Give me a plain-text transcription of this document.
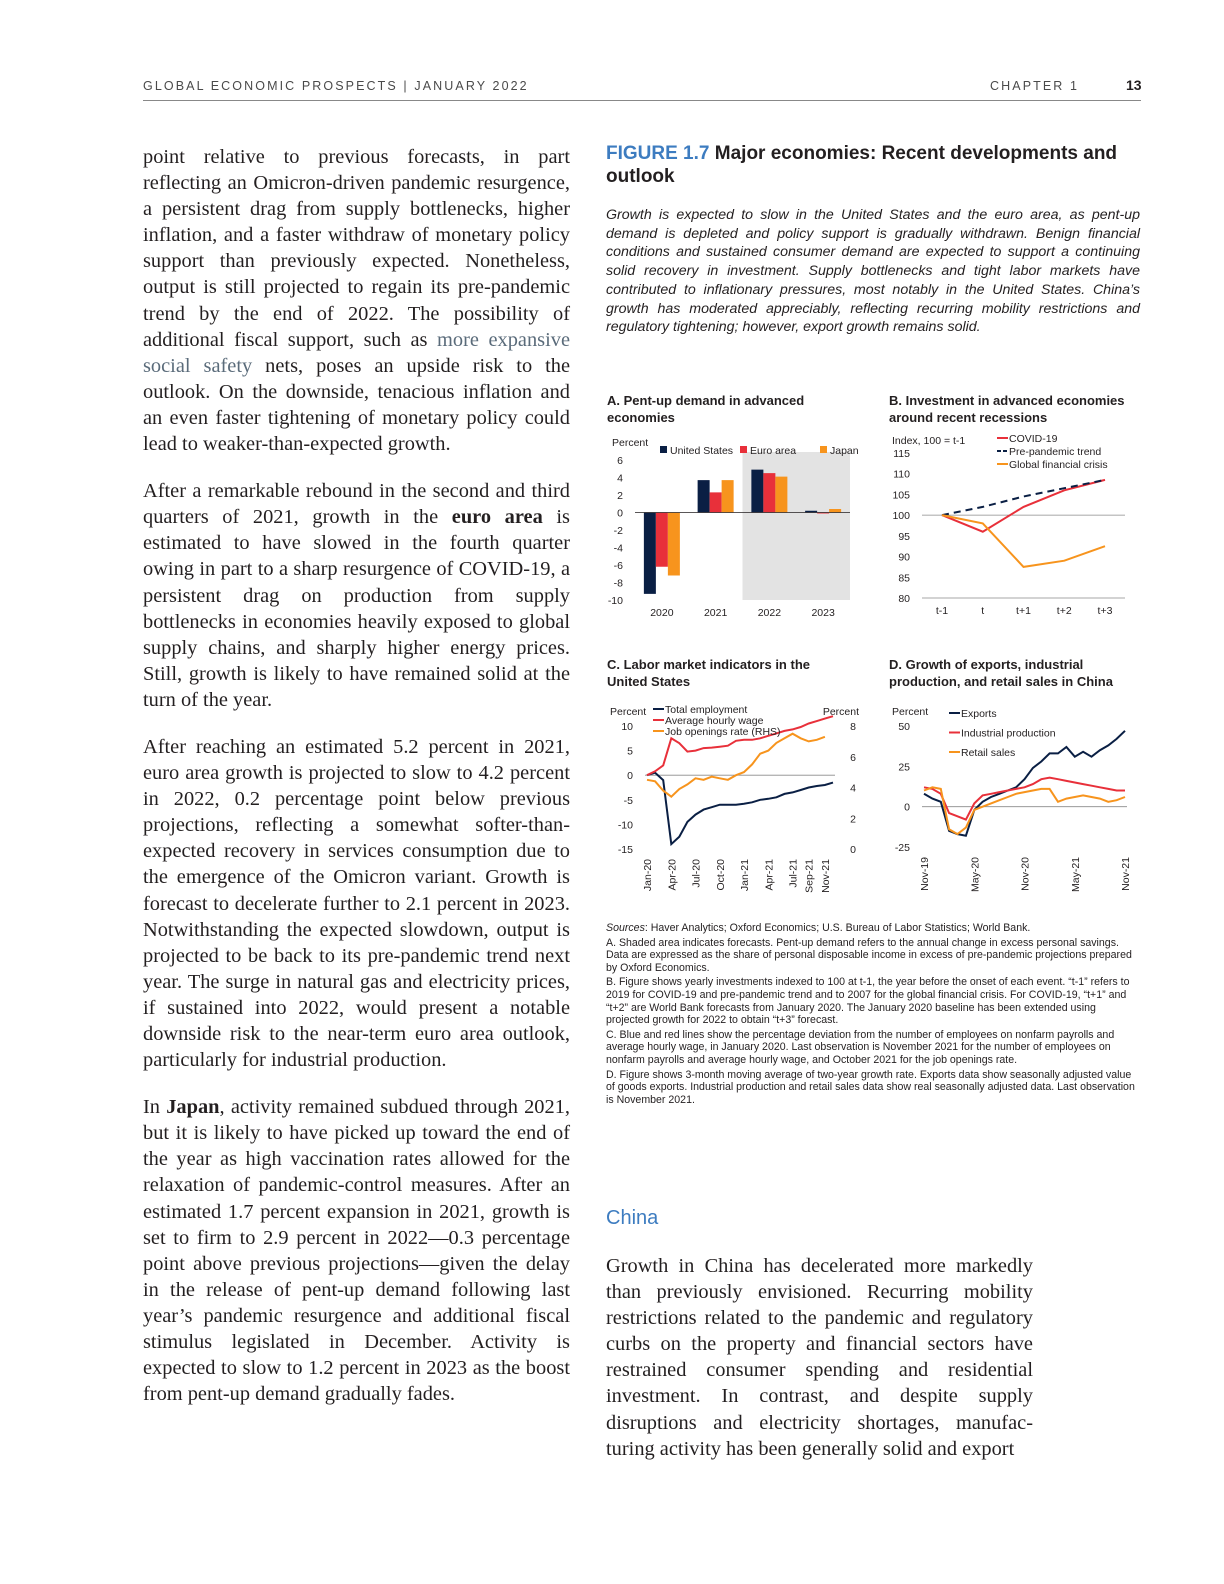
GLOBAL ECONOMIC PROSPECTS | JANUARY 2022	CHAPTER 1	13

point relative to previous forecasts, in part reflecting an Omicron-driven pandemic resurgence, a persistent drag from supply bottlenecks, higher inflation, and a faster withdraw of monetary policy support than previously expected. Nonetheless, output is still projected to regain its pre-pandemic trend by the end of 2022. The possibility of additional fiscal support, such as more expansive social safety nets, poses an upside risk to the outlook. On the downside, tenacious inflation and an even faster tightening of monetary policy could lead to weaker-than-expected growth.

After a remarkable rebound in the second and third quarters of 2021, growth in the euro area is estimated to have slowed in the fourth quarter owing in part to a sharp resurgence of COVID-19, a persistent drag on production from supply bottlenecks in economies heavily exposed to global supply chains, and sharply higher energy prices. Still, growth is likely to have remained solid at the turn of the year.

After reaching an estimated 5.2 percent in 2021, euro area growth is projected to slow to 4.2 percent in 2022, 0.2 percentage point below previous projections, reflecting a somewhat softer-than-expected recovery in services consumption due to the emergence of the Omicron variant. Growth is forecast to decelerate further to 2.1 percent in 2023. Notwithstanding the expected slowdown, output is projected to be back to its pre-pandemic trend next year. The surge in natural gas and electricity prices, if sustained into 2022, would present a notable downside risk to the near-term euro area outlook, particularly for industrial production.

In Japan, activity remained subdued through 2021, but it is likely to have picked up toward the end of the year as high vaccination rates allowed for the relaxation of pandemic-control measures. After an estimated 1.7 percent expansion in 2021, growth is set to firm to 2.9 percent in 2022—0.3 percentage point above previous projections—given the delay in the release of pent-up demand following last year’s pandemic resurgence and additional fiscal stimulus legislated in December. Activity is expected to slow to 1.2 percent in 2023 as the boost from pent-up demand gradually fades.

FIGURE 1.7 Major economies: Recent developments and outlook
Growth is expected to slow in the United States and the euro area, as pent-up demand is depleted and policy support is gradually withdrawn. Benign financial conditions and sustained consumer demand are expected to support a continuing solid recovery in investment. Supply bottlenecks and tight labor markets have contributed to inflationary pressures, most notably in the United States. China’s growth has moderated appreciably, reflecting recurring mobility restrictions and regulatory tightening; however, export growth remains solid.
A. Pent-up demand in advanced economies
B. Investment in advanced economies around recent recessions
C. Labor market indicators in the United States
D. Growth of exports, industrial production, and retail sales in China
6
4
2
0
-2
-4
-6
-8
-10
Percent
United States Euro area	Japan
2020	2021	2022	2023
115
110
105
100
95
90
85
80
Index, 100 = t-1	COVID-19
Pre-pandemic trend
Global financial crisis
t-1	t	t+1 t+2 t+3
10
5
0
-5
-10
-15
Percent
8
6
4
2
0
Percent
Total employment
Average hourly wage
Job openings rate (RHS)
Jan-20 Apr-20 Jul-20 Oct-20 Jan-21 Apr-21 Jul-21 Sep-21 Nov-21
50
25
0
-25
Percent	Exports
Industrial production
Retail sales
Nov-19	May-20	Nov-20	May-21	Nov-21

Sources: Haver Analytics; Oxford Economics; U.S. Bureau of Labor Statistics; World Bank.

A. Shaded area indicates forecasts. Pent-up demand refers to the annual change in excess personal savings. Data are expressed as the share of personal disposable income in excess of pre-pandemic projections prepared by Oxford Economics.

B. Figure shows yearly investments indexed to 100 at t-1, the year before the onset of each event. “t-1” refers to 2019 for COVID-19 and pre-pandemic trend and to 2007 for the global financial crisis. For COVID-19, “t+1” and “t+2” are World Bank forecasts from January 2020. The January 2020 baseline has been extended using projected growth for 2022 to obtain “t+3” forecast.

C. Blue and red lines show the percentage deviation from the number of employees on nonfarm payrolls and average hourly wage, in January 2020. Last observation is November 2021 for the number of employees on nonfarm payrolls and average hourly wage, and October 2021 for the job openings rate.

D. Figure shows 3-month moving average of two-year growth rate. Exports data show seasonally adjusted value of goods exports. Industrial production and retail sales data show real seasonally adjusted data. Last observation is November 2021.

China

Growth in China has decelerated more markedly than previously envisioned. Recurring mobility restrictions related to the pandemic and regulatory curbs on the property and financial sectors have restrained consumer spending and residential investment. In contrast, and despite supply disruptions and electricity shortages, manufac-turing activity has been generally solid and export
